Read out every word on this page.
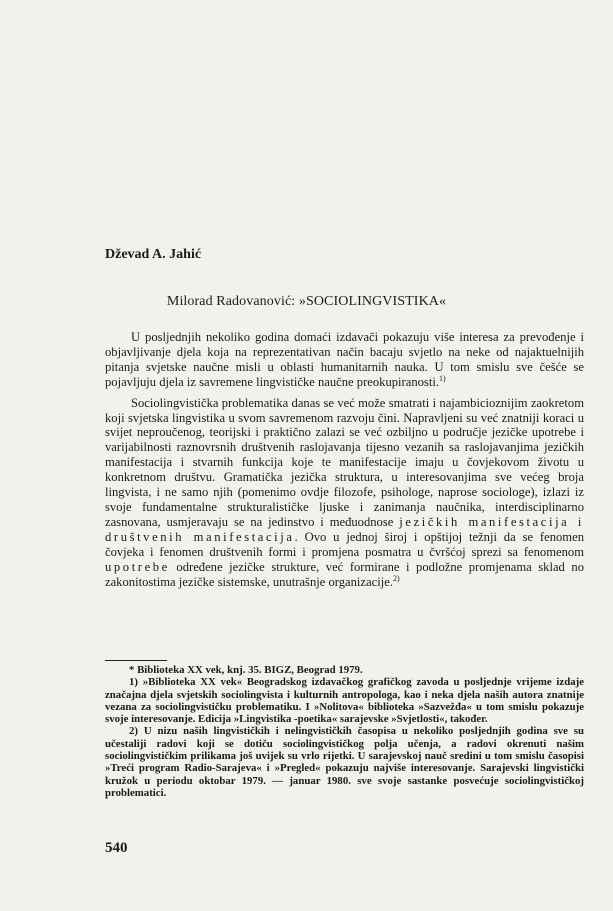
Dževad A. Jahić
Milorad Radovanović: »SOCIOLINGVISTIKA«

U posljednjih nekoliko godina domaći izdavači pokazuju više interesa za prevođenje i objavljivanje djela koja na reprezentativan način bacaju svjetlo na neke od najaktuelnijih pitanja svjetske naučne misli u oblasti humanitarnih nauka. U tom smislu sve češće se pojavljuju djela iz savremene lingvističke naučne preokupiranosti.$^{1)}$

Sociolingvistička problematika danas se već može smatrati i najambicioznijim zaokretom koji svjetska lingvistika u svom savremenom razvoju čini. Napravljeni su već znatniji koraci u svijet neproučenog, teorijski i praktično zalazi se već ozbiljno u područje jezičke upotrebe i varijabilnosti raznovrsnih društvenih raslojavanja tijesno vezanih sa raslojavanjima jezičkih manifestacija i stvarnih funkcija koje te manifestacije imaju u čovjekovom životu u konkretnom društvu. Gramatička jezička struktura, u interesovanjima sve većeg broja lingvista, i ne samo njih (pomenimo ovdje filozofe, psihologe, naprose sociologe), izlazi iz svoje fundamentalne strukturalističke ljuske i zanimanja naučnika, interdisciplinarno zasnovana, usmjeravaju se na jedinstvo i međuodnose jezičkih manifestacija i društvenih manifestacija. Ovo u jednoj široj i opštijoj težnji da se fenomen čovjeka i fenomen društvenih formi i promjena posmatra u čvršćoj sprezi sa fenomenom upotrebe određene jezičke strukture, već formirane i podložne promjenama sklad no zakonitostima jezičke sistemske, unutrašnje organizacije.$^{2)}$

* Biblioteka XX vek, knj. 35. BIGZ, Beograd 1979.

1) »Biblioteka XX vek« Beogradskog izdavačkog grafičkog zavoda u posljednje vrijeme izdaje značajna djela svjetskih sociolingvista i kulturnih antropologa, kao i neka djela naših autora znatnije vezana za sociolingvističku problematiku. I »Nolitova« biblioteka »Sazvežđa« u tom smislu pokazuje svoje interesovanje. Edicija »Lingvistika -poetika« sarajevske »Svjetlosti«, također.

2) U nizu naših lingvističkih i nelingvističkih časopisa u nekoliko posljednjih godina sve su učestaliji radovi koji se dotiču sociolingvističkog polja učenja, a radovi okrenuti našim sociolingvističkim prilikama još uvijek su vrlo rijetki. U sarajevskoj nauč sredini u tom smislu časopisi »Treći program Radio-Sarajeva« i »Pregled« pokazuju najviše interesovanje. Sarajevski lingvistički kružok u periodu oktobar 1979. — januar 1980. sve svoje sastanke posvećuje sociolingvističkoj problematici.

540
